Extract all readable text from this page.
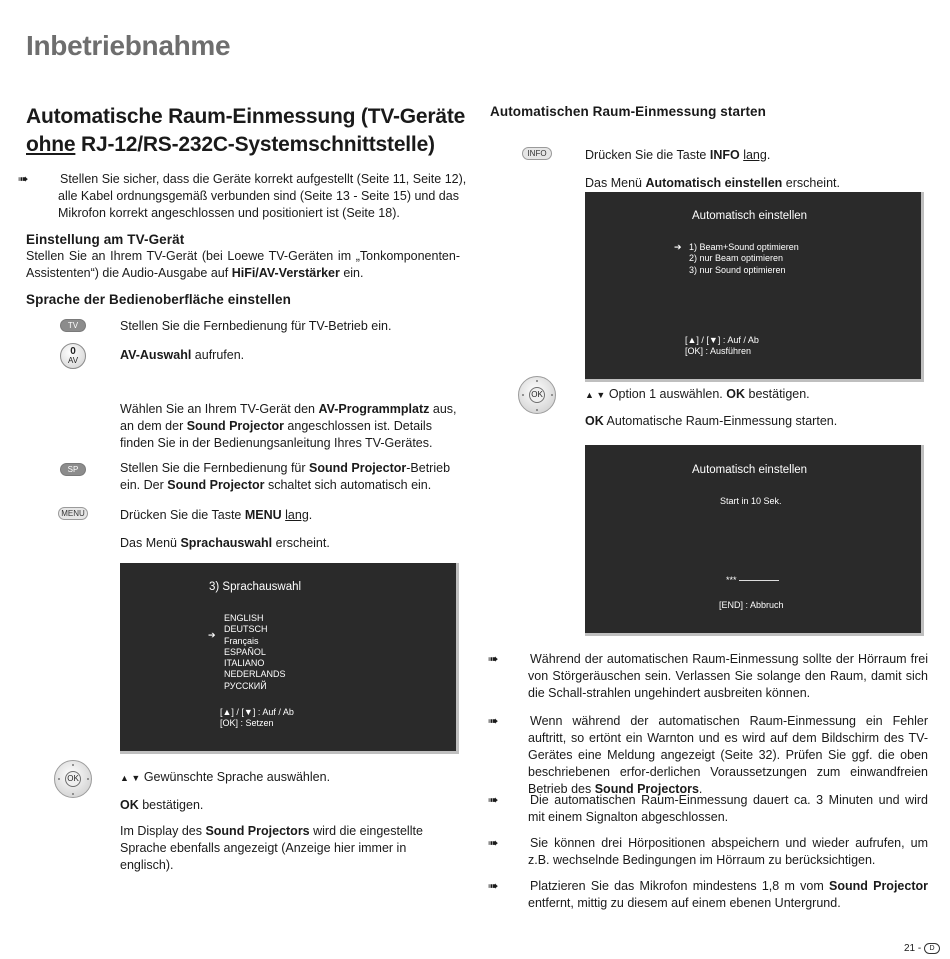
Inbetriebnahme
Automatische Raum-Einmessung (TV-Geräte
ohne RJ-12/RS-232C-Systemschnittstelle)
➠	Stellen Sie sicher, dass die Geräte korrekt aufgestellt (Seite 11, Seite 12), alle Kabel ordnungsgemäß verbunden sind (Seite 13 - Seite 15) und das Mikrofon korrekt angeschlossen und positioniert ist (Seite 18).
Einstellung am TV-Gerät
Stellen Sie an Ihrem TV-Gerät (bei Loewe TV-Geräten im „Tonkomponenten-Assistenten“) die Audio-Ausgabe auf HiFi/AV-Verstärker ein.
Sprache der Bedienoberfläche einstellen
TV	Stellen Sie die Fernbedienung für TV-Betrieb ein.
0
AV	AV-Auswahl aufrufen.
Wählen Sie an Ihrem TV-Gerät den AV-Programmplatz aus, an dem der Sound Projector angeschlossen ist. Details finden Sie in der Bedienungsanleitung Ihres TV-Gerätes.
SP	Stellen Sie die Fernbedienung für Sound Projector-Betrieb ein. Der Sound Projector schaltet sich automatisch ein.
MENU	Drücken Sie die Taste MENU lang.
Das Menü Sprachauswahl erscheint.
3) Sprachauswahl
➔
ENGLISH
DEUTSCH
Français
ESPAÑOL
ITALIANO
NEDERLANDS
РУССКИЙ
[▲] / [▼] : Auf / Ab
[OK] : Setzen
OK	▲ ▼ Gewünschte Sprache auswählen.
OK bestätigen.
Im Display des Sound Projectors wird die eingestellte Sprache ebenfalls angezeigt (Anzeige hier immer in englisch).
Automatischen Raum-Einmessung starten
INFO	Drücken Sie die Taste INFO lang.
Das Menü Automatisch einstellen erscheint.
Automatisch einstellen
➔ 1) Beam+Sound optimieren
2) nur Beam optimieren
3) nur Sound optimieren
[▲] / [▼] : Auf / Ab
[OK] : Ausführen
OK	▲ ▼ Option 1 auswählen. OK bestätigen.
OK Automatische Raum-Einmessung starten.
Automatisch einstellen
Start in 10 Sek.
***
[END] : Abbruch
➠	Während der automatischen Raum-Einmessung sollte der Hörraum frei von Störgeräuschen sein. Verlassen Sie solange den Raum, damit sich die Schall-strahlen ungehindert ausbreiten können.
➠	Wenn während der automatischen Raum-Einmessung ein Fehler auftritt, so ertönt ein Warnton und es wird auf dem Bildschirm des TV-Gerätes eine Meldung angezeigt (Seite 32). Prüfen Sie ggf. die oben beschriebenen erfor-derlichen Voraussetzungen zum einwandfreien Betrieb des Sound Projectors.
➠	Die automatischen Raum-Einmessung dauert ca. 3 Minuten und wird mit einem Signalton abgeschlossen.
➠	Sie können drei Hörpositionen abspeichern und wieder aufrufen, um z.B. wechselnde Bedingungen im Hörraum zu berücksichtigen.
➠	Platzieren Sie das Mikrofon mindestens 1,8 m vom Sound Projector entfernt, mittig zu diesem auf einem ebenen Untergrund.
21 - D
